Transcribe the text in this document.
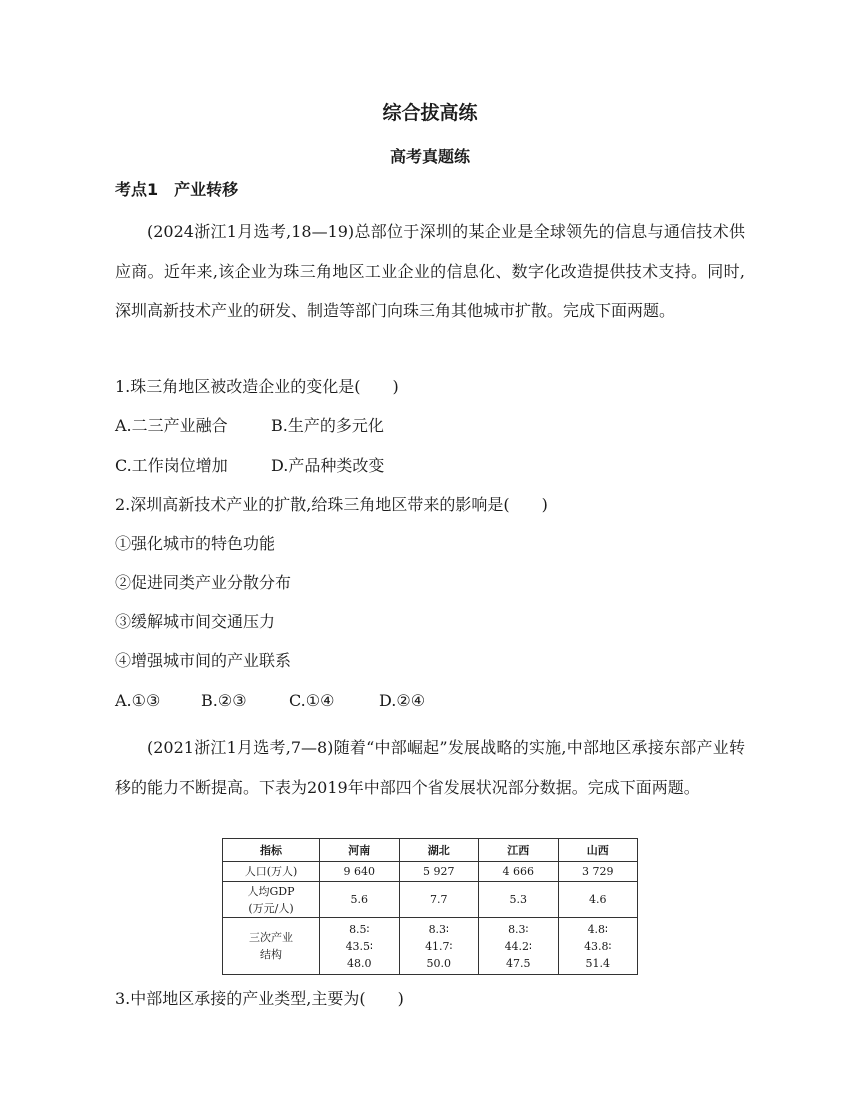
综合拔高练
高考真题练
考点1　产业转移

(2024浙江1月选考,18—19)总部位于深圳的某企业是全球领先的信息与通信技术供应商。近年来,该企业为珠三角地区工业企业的信息化、数字化改造提供技术支持。同时,深圳高新技术产业的研发、制造等部门向珠三角其他城市扩散。完成下面两题。

1.珠三角地区被改造企业的变化是(　　)
A.二三产业融合	B.生产的多元化
C.工作岗位增加	D.产品种类改变
2.深圳高新技术产业的扩散,给珠三角地区带来的影响是(　　)
①强化城市的特色功能
②促进同类产业分散分布
③缓解城市间交通压力
④增强城市间的产业联系
A.①③	B.②③	C.①④	D.②④

(2021浙江1月选考,7—8)随着“中部崛起”发展战略的实施,中部地区承接东部产业转移的能力不断提高。下表为2019年中部四个省发展状况部分数据。完成下面两题。

指标	河南	湖北	江西	山西
人口(万人)	9 640	5 927	4 666	3 729

人均GDP
(万元/人)	5.6	7.7	5.3	4.6

三次产业
结构	8.5∶
43.5∶
48.0	8.3∶
41.7∶
50.0	8.3∶
44.2∶
47.5	4.8∶
43.8∶
51.4
3.中部地区承接的产业类型,主要为(　　)
